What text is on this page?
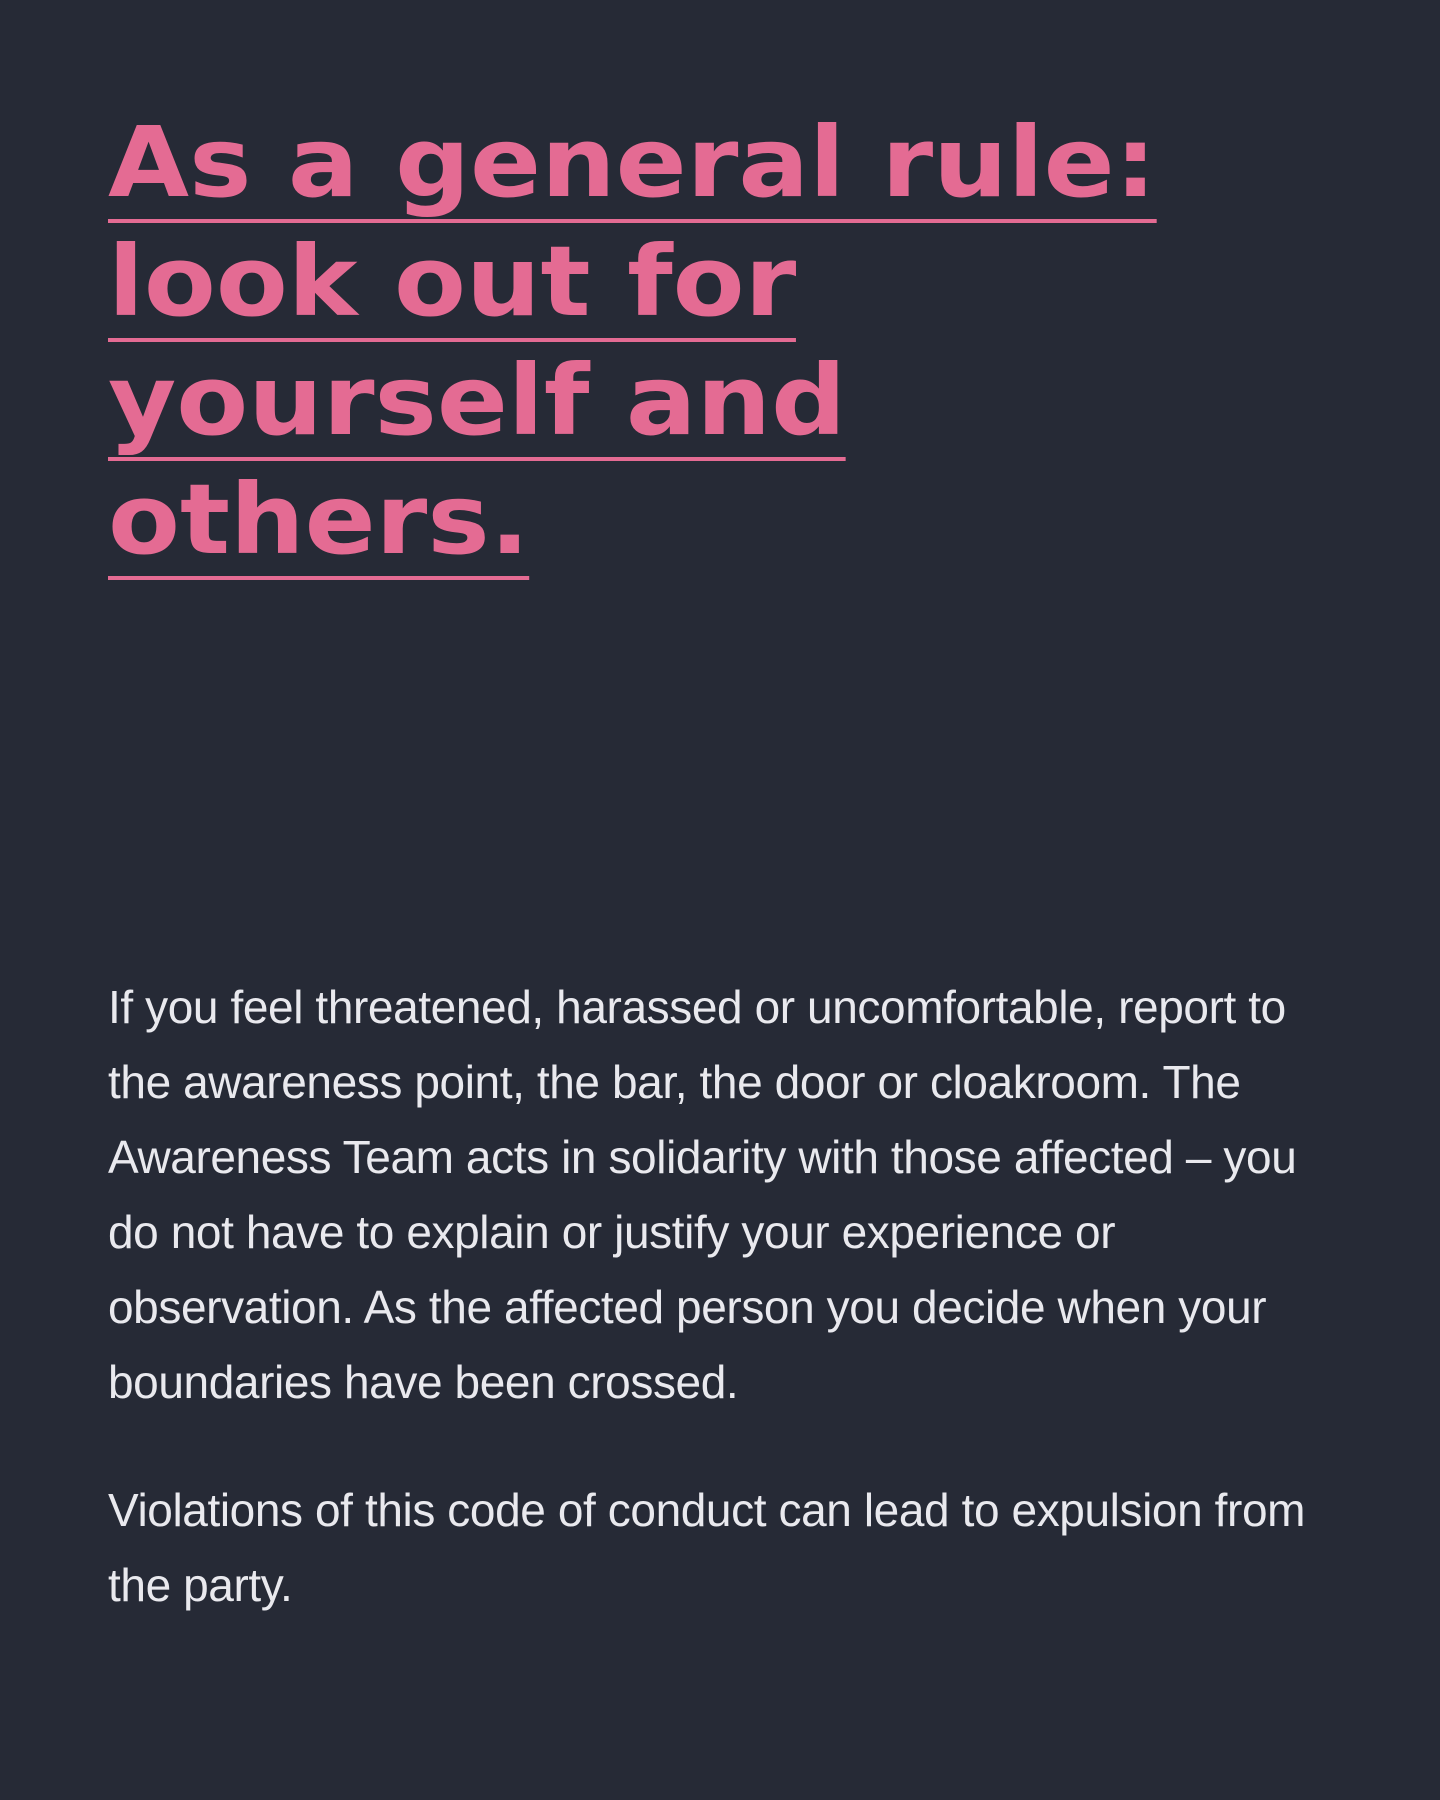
As a general rule:
look out for
yourself and
others.

If you feel threatened, harassed or uncomfortable, report to the awareness point, the bar, the door or cloakroom. The Awareness Team acts in solidarity with those affected – you do not have to explain or justify your experience or observation. As the affected person you decide when your boundaries have been crossed.

Violations of this code of conduct can lead to expulsion from the party.
